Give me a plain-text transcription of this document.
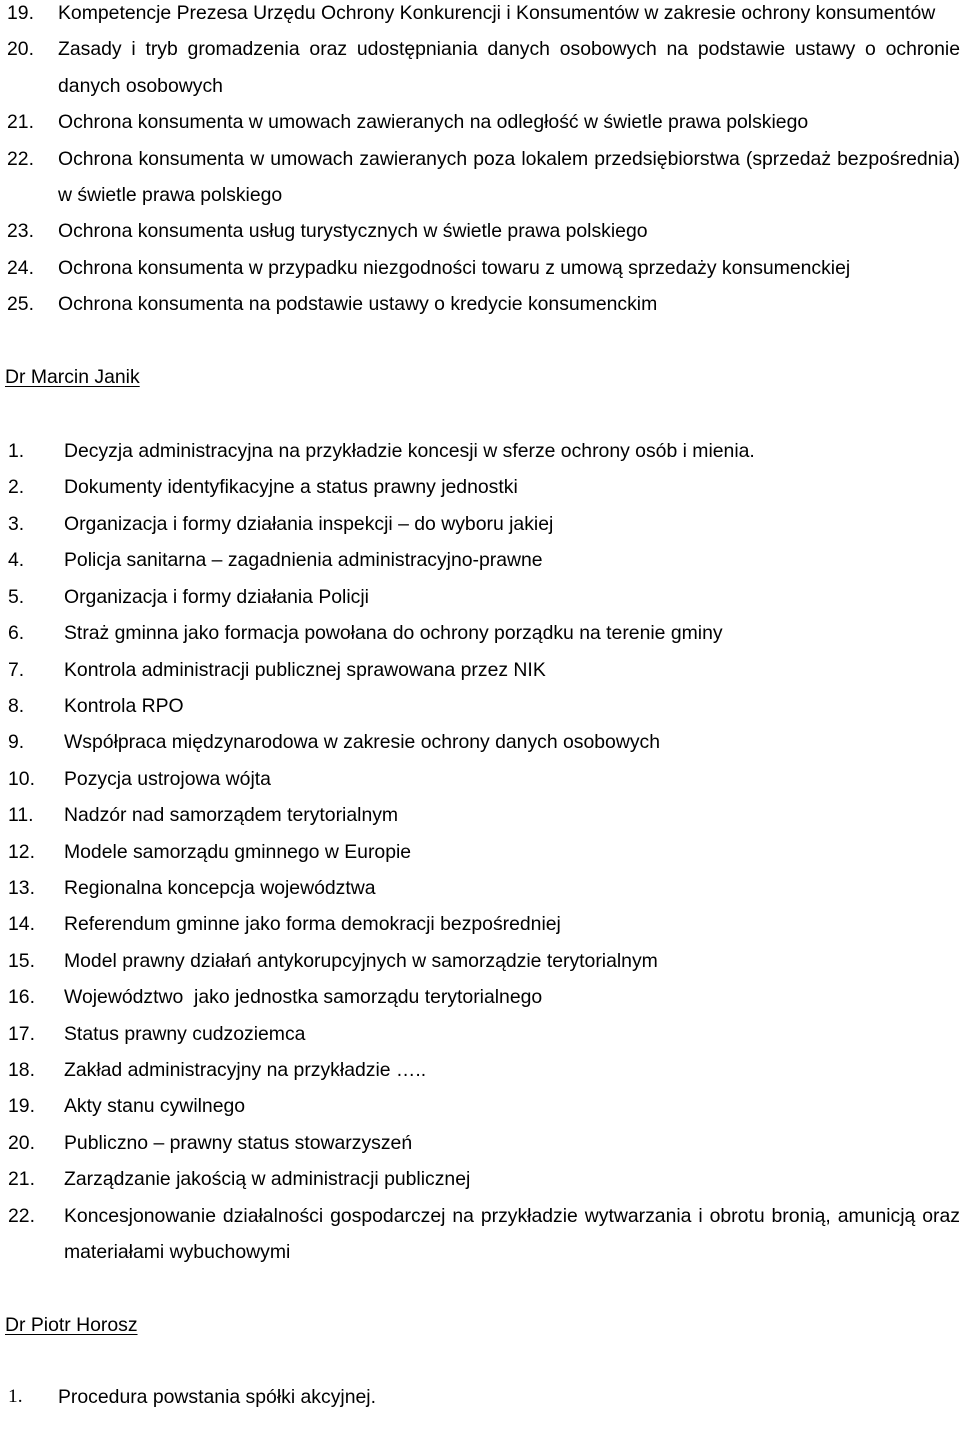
19.	Kompetencje Prezesa Urzędu Ochrony Konkurencji i Konsumentów w zakresie ochrony konsumentów
20.	Zasady i tryb gromadzenia oraz udostępniania danych osobowych na podstawie ustawy o ochronie danych osobowych
21.	Ochrona konsumenta w umowach zawieranych na odległość w świetle prawa polskiego
22.	Ochrona konsumenta w umowach zawieranych poza lokalem przedsiębiorstwa (sprzedaż bezpośrednia) w świetle prawa polskiego
23.	Ochrona konsumenta usług turystycznych w świetle prawa polskiego
24.	Ochrona konsumenta w przypadku niezgodności towaru z umową sprzedaży konsumenckiej
25.	Ochrona konsumenta na podstawie ustawy o kredycie konsumenckim
Dr Marcin Janik
1.	Decyzja administracyjna na przykładzie koncesji w sferze ochrony osób i mienia.
2.	Dokumenty identyfikacyjne a status prawny jednostki
3.	Organizacja i formy działania inspekcji – do wyboru jakiej
4.	Policja sanitarna – zagadnienia administracyjno-prawne
5.	Organizacja i formy działania Policji
6.	Straż gminna jako formacja powołana do ochrony porządku na terenie gminy
7.	Kontrola administracji publicznej sprawowana przez NIK
8.	Kontrola RPO
9.	Współpraca międzynarodowa w zakresie ochrony danych osobowych
10.	Pozycja ustrojowa wójta
11.	Nadzór nad samorządem terytorialnym
12.	Modele samorządu gminnego w Europie
13.	Regionalna koncepcja województwa
14.	Referendum gminne jako forma demokracji bezpośredniej
15.	Model prawny działań antykorupcyjnych w samorządzie terytorialnym
16.	Województwo  jako jednostka samorządu terytorialnego
17.	Status prawny cudzoziemca
18.	Zakład administracyjny na przykładzie …..
19.	Akty stanu cywilnego
20.	Publiczno – prawny status stowarzyszeń
21.	Zarządzanie jakością w administracji publicznej
22.	Koncesjonowanie działalności gospodarczej na przykładzie wytwarzania i obrotu bronią, amunicją oraz materiałami wybuchowymi
Dr Piotr Horosz
1.	Procedura powstania spółki akcyjnej.
